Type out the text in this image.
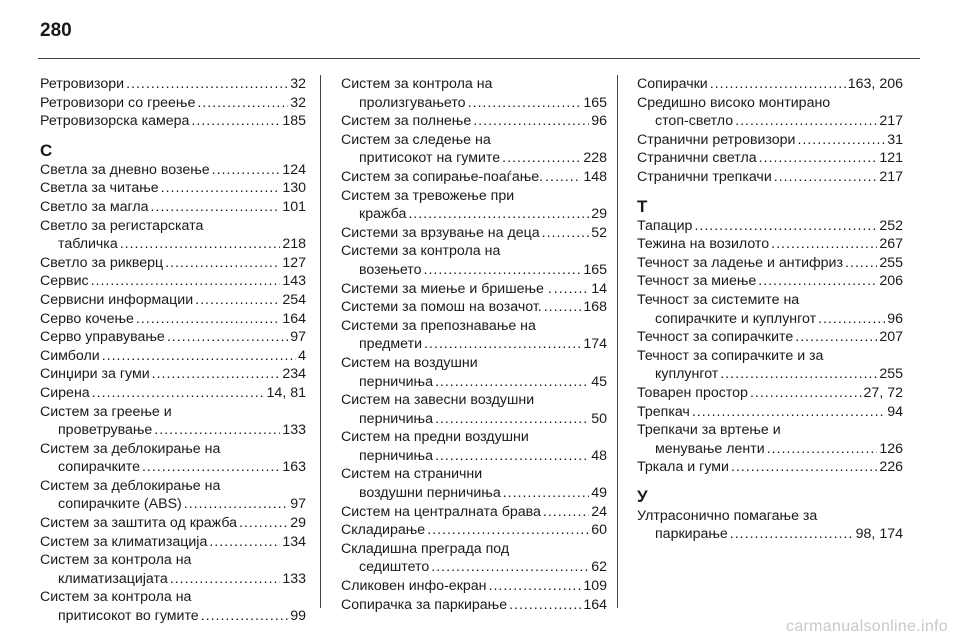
280
Ретровизори .....	32
Ретровизори со греење .....	32
Ретровизорска камера .....	185
С
Светла за дневно возење .....	124
Светла за читање .....	130
Светло за магла .....	101
Светло за регистарската
табличка .....	218
Светло за рикверц .....	127
Сервис .....	143
Сервисни информации .....	254
Серво кочење .....	164
Серво управување .....	97
Симболи .....	4
Синџири за гуми .....	234
Сирена .....	14, 81
Систем за греење и
проветрување .....	133
Систем за деблокирање на
сопирачките .....	163
Систем за деблокирање на
сопирачките (ABS) .....	97
Систем за заштита од кражба .....	29
Систем за климатизација .....	134
Систем за контрола на
климатизацијата .....	133
Систем за контрола на
притисокот во гумите .....	99
Систем за контрола на
пролизгувањето .....	165
Систем за полнење .....	96
Систем за следење на
притисокот на гумите .....	228
Систем за сопирање-поаѓање. .....	148
Систем за тревожење при
кражба .....	29
Системи за врзување на деца .....	52
Системи за контрола на
возењето .....	165
Системи за миење и бришење . .....	14
Системи за помош на возачот. .....	168
Системи за препознавање на
предмети .....	174
Систем на воздушни
перничиња .....	45
Систем на завесни воздушни
перничиња .....	50
Систем на предни воздушни
перничиња .....	48
Систем на странични
воздушни перничиња .....	49
Систем на централната брава .....	24
Складирање .....	60
Складишна преграда под
седиштето .....	62
Сликовен инфо-екран .....	109
Сопирачка за паркирање .....	164
Сопирачки .....	163, 206
Средишно високо монтирано
стоп-светло .....	217
Странични ретровизори .....	31
Странични светла .....	121
Странични трепкачи .....	217
Т
Тапацир .....	252
Тежина на возилото .....	267
Течност за ладење и антифриз .....	255
Течност за миење .....	206
Течност за системите на
сопирачките и куплунгот .....	96
Течност за сопирачките .....	207
Течност за сопирачките и за
куплунгот .....	255
Товарен простор .....	27, 72
Трепкач .....	94
Трепкачи за вртење и
менување ленти .....	126
Тркала и гуми .....	226
У
Ултрасонично помагање за
паркирање .....	98, 174
carmanualsonline.info
